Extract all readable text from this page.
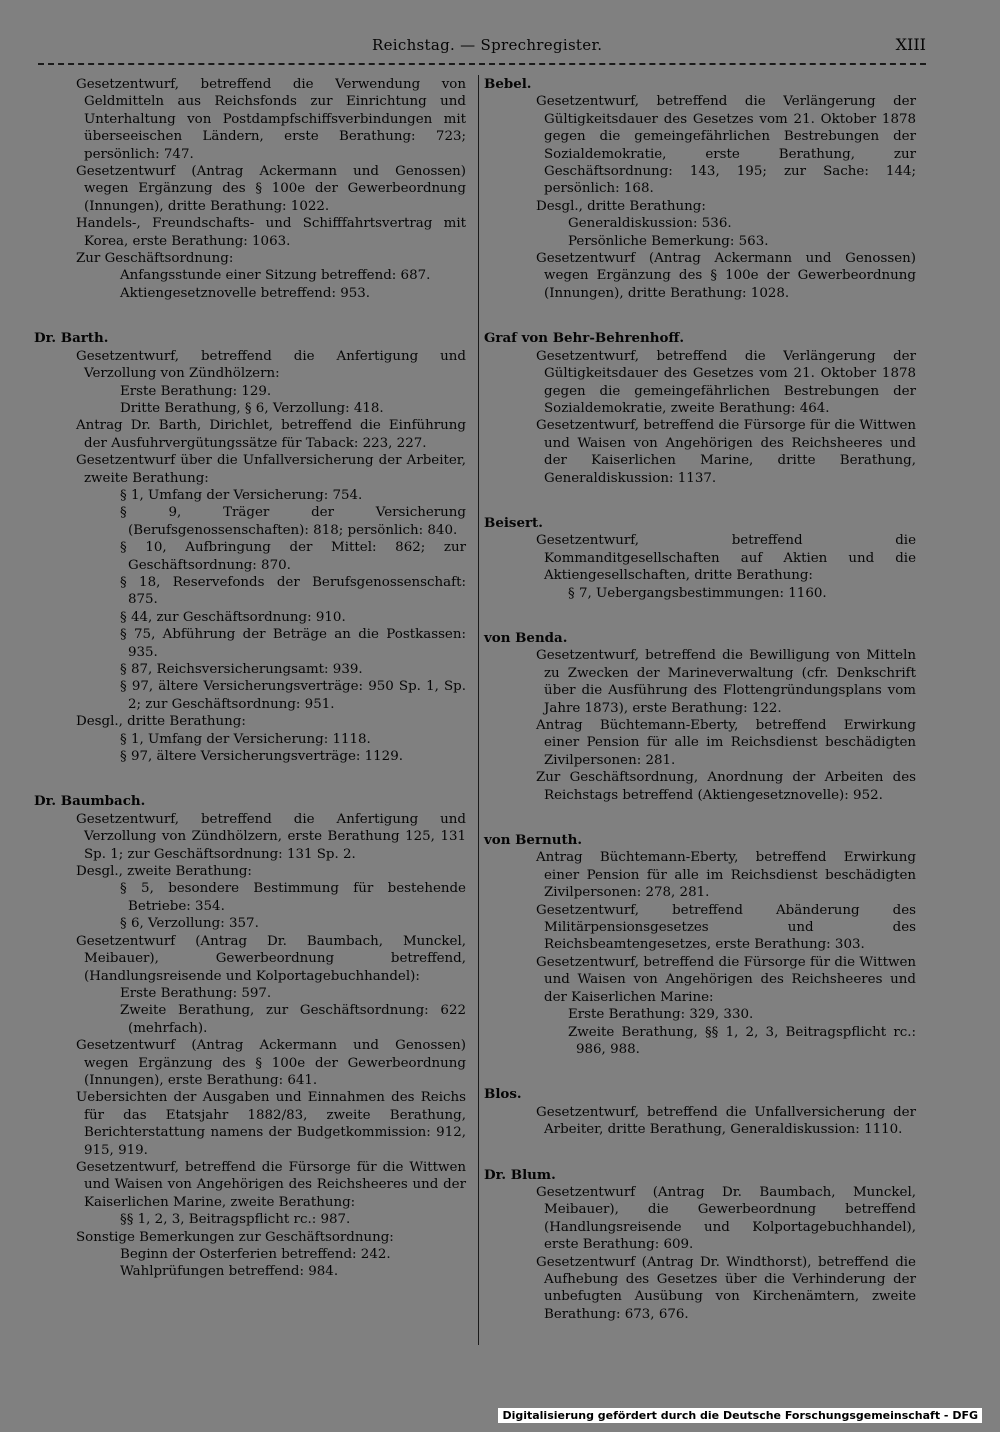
Reichstag. — Sprechregister.	XIII

Gesetzentwurf, betreffend die Verwendung von Geldmitteln aus Reichsfonds zur Einrichtung und Unterhaltung von Postdampfschiffsverbindungen mit überseeischen Ländern, erste Berathung: 723; persönlich: 747.

Gesetzentwurf (Antrag Ackermann und Genossen) wegen Ergänzung des § 100e der Gewerbeordnung (Innungen), dritte Berathung: 1022.

Handels-, Freundschafts- und Schifffahrtsvertrag mit Korea, erste Berathung: 1063.

Zur Geschäftsordnung:

Anfangsstunde einer Sitzung betreffend: 687.

Aktiengesetznovelle betreffend: 953.

Dr. Barth.

Gesetzentwurf, betreffend die Anfertigung und Verzollung von Zündhölzern:

Erste Berathung: 129.

Dritte Berathung, § 6, Verzollung: 418.

Antrag Dr. Barth, Dirichlet, betreffend die Einführung der Ausfuhrvergütungssätze für Taback: 223, 227.

Gesetzentwurf über die Unfallversicherung der Arbeiter, zweite Berathung:

§ 1, Umfang der Versicherung: 754.

§ 9, Träger der Versicherung (Berufsgenossenschaften): 818; persönlich: 840.

§ 10, Aufbringung der Mittel: 862; zur Geschäftsordnung: 870.

§ 18, Reservefonds der Berufsgenossenschaft: 875.

§ 44, zur Geschäftsordnung: 910.

§ 75, Abführung der Beträge an die Postkassen: 935.

§ 87, Reichsversicherungsamt: 939.

§ 97, ältere Versicherungsverträge: 950 Sp. 1, Sp. 2; zur Geschäftsordnung: 951.

Desgl., dritte Berathung:

§ 1, Umfang der Versicherung: 1118.

§ 97, ältere Versicherungsverträge: 1129.

Dr. Baumbach.

Gesetzentwurf, betreffend die Anfertigung und Verzollung von Zündhölzern, erste Berathung 125, 131 Sp. 1; zur Geschäftsordnung: 131 Sp. 2.

Desgl., zweite Berathung:

§ 5, besondere Bestimmung für bestehende Betriebe: 354.

§ 6, Verzollung: 357.

Gesetzentwurf (Antrag Dr. Baumbach, Munckel, Meibauer), Gewerbeordnung betreffend, (Handlungsreisende und Kolportagebuchhandel):

Erste Berathung: 597.

Zweite Berathung, zur Geschäftsordnung: 622 (mehrfach).

Gesetzentwurf (Antrag Ackermann und Genossen) wegen Ergänzung des § 100e der Gewerbeordnung (Innungen), erste Berathung: 641.

Uebersichten der Ausgaben und Einnahmen des Reichs für das Etatsjahr 1882/83, zweite Berathung, Berichterstattung namens der Budgetkommission: 912, 915, 919.

Gesetzentwurf, betreffend die Fürsorge für die Wittwen und Waisen von Angehörigen des Reichsheeres und der Kaiserlichen Marine, zweite Berathung:

§§ 1, 2, 3, Beitragspflicht rc.: 987.

Sonstige Bemerkungen zur Geschäftsordnung:

Beginn der Osterferien betreffend: 242.

Wahlprüfungen betreffend: 984.

Bebel.

Gesetzentwurf, betreffend die Verlängerung der Gültigkeitsdauer des Gesetzes vom 21. Oktober 1878 gegen die gemeingefährlichen Bestrebungen der Sozialdemokratie, erste Berathung, zur Geschäftsordnung: 143, 195; zur Sache: 144; persönlich: 168.

Desgl., dritte Berathung:

Generaldiskussion: 536.

Persönliche Bemerkung: 563.

Gesetzentwurf (Antrag Ackermann und Genossen) wegen Ergänzung des § 100e der Gewerbeordnung (Innungen), dritte Berathung: 1028.

Graf von Behr-Behrenhoff.

Gesetzentwurf, betreffend die Verlängerung der Gültigkeitsdauer des Gesetzes vom 21. Oktober 1878 gegen die gemeingefährlichen Bestrebungen der Sozialdemokratie, zweite Berathung: 464.

Gesetzentwurf, betreffend die Fürsorge für die Wittwen und Waisen von Angehörigen des Reichsheeres und der Kaiserlichen Marine, dritte Berathung, Generaldiskussion: 1137.

Beisert.

Gesetzentwurf, betreffend die Kommanditgesellschaften auf Aktien und die Aktiengesellschaften, dritte Berathung:

§ 7, Uebergangsbestimmungen: 1160.

von Benda.

Gesetzentwurf, betreffend die Bewilligung von Mitteln zu Zwecken der Marineverwaltung (cfr. Denkschrift über die Ausführung des Flottengründungsplans vom Jahre 1873), erste Berathung: 122.

Antrag Büchtemann-Eberty, betreffend Erwirkung einer Pension für alle im Reichsdienst beschädigten Zivilpersonen: 281.

Zur Geschäftsordnung, Anordnung der Arbeiten des Reichstags betreffend (Aktiengesetznovelle): 952.

von Bernuth.

Antrag Büchtemann-Eberty, betreffend Erwirkung einer Pension für alle im Reichsdienst beschädigten Zivilpersonen: 278, 281.

Gesetzentwurf, betreffend Abänderung des Militärpensionsgesetzes und des Reichsbeamtengesetzes, erste Berathung: 303.

Gesetzentwurf, betreffend die Fürsorge für die Wittwen und Waisen von Angehörigen des Reichsheeres und der Kaiserlichen Marine:

Erste Berathung: 329, 330.

Zweite Berathung, §§ 1, 2, 3, Beitragspflicht rc.: 986, 988.

Blos.

Gesetzentwurf, betreffend die Unfallversicherung der Arbeiter, dritte Berathung, Generaldiskussion: 1110.

Dr. Blum.

Gesetzentwurf (Antrag Dr. Baumbach, Munckel, Meibauer), die Gewerbeordnung betreffend (Handlungsreisende und Kolportagebuchhandel), erste Berathung: 609.

Gesetzentwurf (Antrag Dr. Windthorst), betreffend die Aufhebung des Gesetzes über die Verhinderung der unbefugten Ausübung von Kirchenämtern, zweite Berathung: 673, 676.

Digitalisierung gefördert durch die Deutsche Forschungsgemeinschaft - DFG
